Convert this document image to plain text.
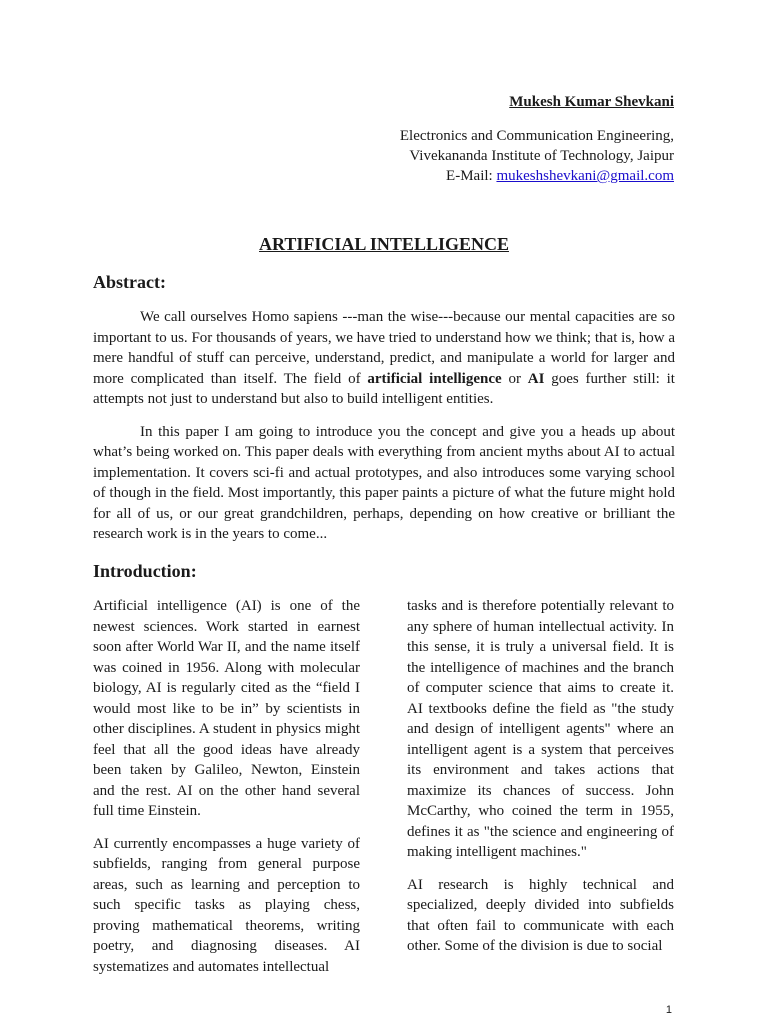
Mukesh Kumar Shevkani
Electronics and Communication Engineering,
Vivekananda Institute of Technology, Jaipur
E-Mail: mukeshshevkani@gmail.com
ARTIFICIAL INTELLIGENCE
Abstract:

We call ourselves Homo sapiens ---man the wise---because our mental capacities are so important to us. For thousands of years, we have tried to understand how we think; that is, how a mere handful of stuff can perceive, understand, predict, and manipulate a world for larger and more complicated than itself. The field of artificial intelligence or AI goes further still: it attempts not just to understand but also to build intelligent entities.

In this paper I am going to introduce you the concept and give you a heads up about what’s being worked on. This paper deals with everything from ancient myths about AI to actual implementation. It covers sci-fi and actual prototypes, and also introduces some varying school of though in the field. Most importantly, this paper paints a picture of what the future might hold for all of us, or our great grandchildren, perhaps, depending on how creative or brilliant the research work is in the years to come...

Introduction:

Artificial intelligence (AI) is one of the newest sciences. Work started in earnest soon after World War II, and the name itself was coined in 1956. Along with molecular biology, AI is regularly cited as the “field I would most like to be in” by scientists in other disciplines. A student in physics might feel that all the good ideas have already been taken by Galileo, Newton, Einstein and the rest. AI on the other hand several full time Einstein.

AI currently encompasses a huge variety of subfields, ranging from general purpose areas, such as learning and perception to such specific tasks as playing chess, proving mathematical theorems, writing poetry, and diagnosing diseases. AI systematizes and automates intellectual

tasks and is therefore potentially relevant to any sphere of human intellectual activity. In this sense, it is truly a universal field. It is the intelligence of machines and the branch of computer science that aims to create it. AI textbooks define the field as "the study and design of intelligent agents" where an intelligent agent is a system that perceives its environment and takes actions that maximize its chances of success. John McCarthy, who coined the term in 1955, defines it as "the science and engineering of making intelligent machines."

AI research is highly technical and specialized, deeply divided into subfields that often fail to communicate with each other. Some of the division is due to social

1
